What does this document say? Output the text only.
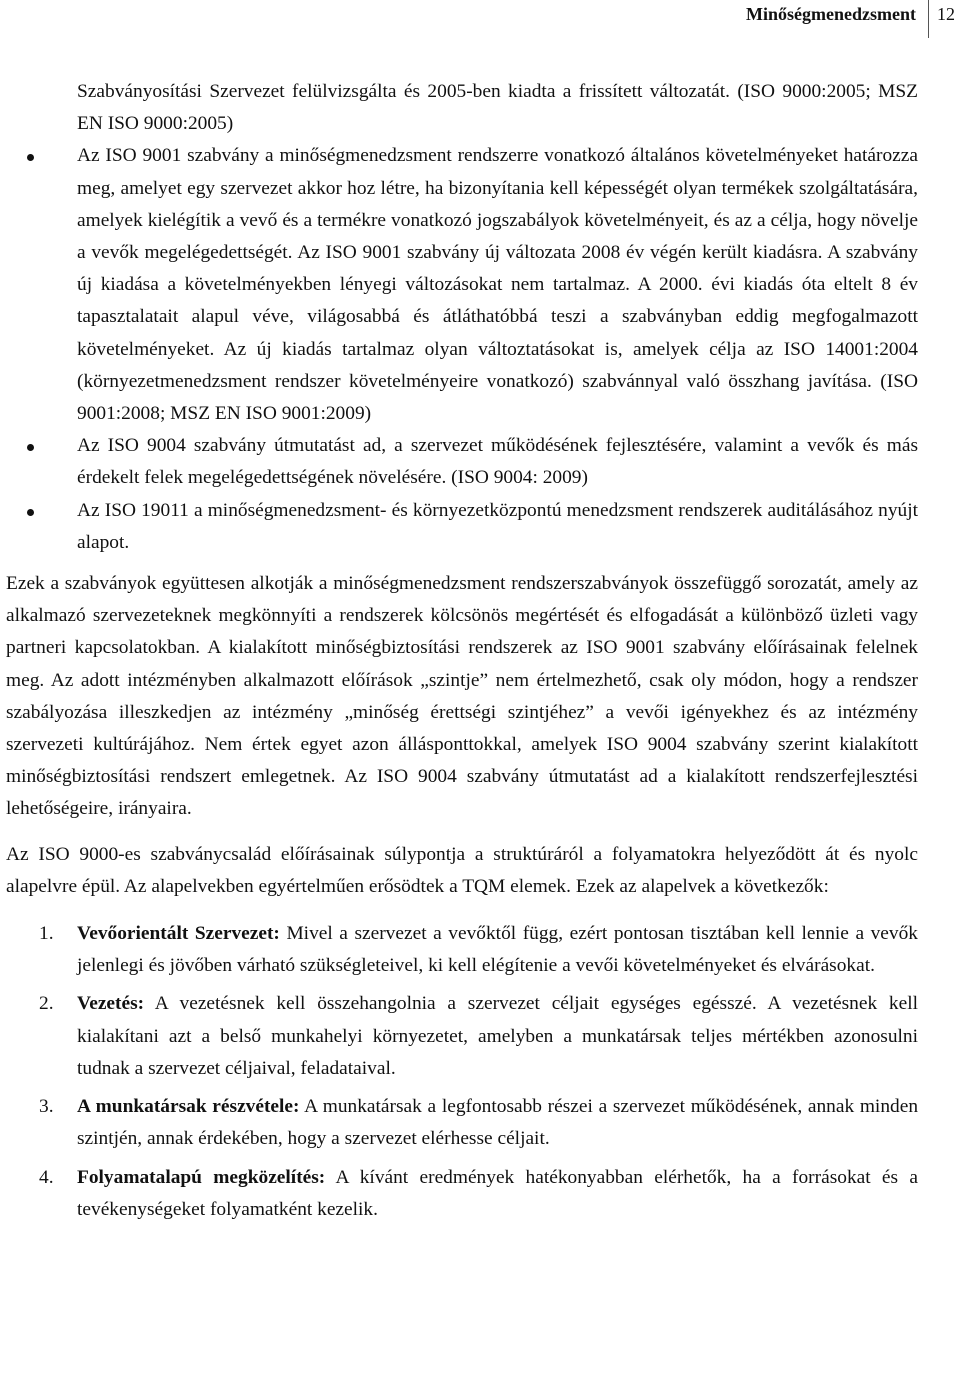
Minőségmenedzsment 12
Szabványosítási Szervezet felülvizsgálta és 2005-ben kiadta a frissített változatát. (ISO 9000:2005; MSZ EN ISO 9000:2005)
Az ISO 9001 szabvány a minőségmenedzsment rendszerre vonatkozó általános követelményeket határozza meg, amelyet egy szervezet akkor hoz létre, ha bizonyítania kell képességét olyan termékek szolgáltatására, amelyek kielégítik a vevő és a termékre vonatkozó jogszabályok követelményeit, és az a célja, hogy növelje a vevők megelégedettségét. Az ISO 9001 szabvány új változata 2008 év végén került kiadásra. A szabvány új kiadása a követelményekben lényegi változásokat nem tartalmaz. A 2000. évi kiadás óta eltelt 8 év tapasztalatait alapul véve, világosabbá és átláthatóbbá teszi a szabványban eddig megfogalmazott követelményeket. Az új kiadás tartalmaz olyan változtatásokat is, amelyek célja az ISO 14001:2004 (környezetmenedzsment rendszer követelményeire vonatkozó) szabvánnyal való összhang javítása. (ISO 9001:2008; MSZ EN ISO 9001:2009)
Az ISO 9004 szabvány útmutatást ad, a szervezet működésének fejlesztésére, valamint a vevők és más érdekelt felek megelégedettségének növelésére. (ISO 9004: 2009)
Az ISO 19011 a minőségmenedzsment- és környezetközpontú menedzsment rendszerek auditálásához nyújt alapot.

Ezek a szabványok együttesen alkotják a minőségmenedzsment rendszerszabványok összefüggő sorozatát, amely az alkalmazó szervezeteknek megkönnyíti a rendszerek kölcsönös megértését és elfogadását a különböző üzleti vagy partneri kapcsolatokban. A kialakított minőségbiztosítási rendszerek az ISO 9001 szabvány előírásainak felelnek meg. Az adott intézményben alkalmazott előírások „szintje” nem értelmezhető, csak oly módon, hogy a rendszer szabályozása illeszkedjen az intézmény „minőség érettségi szintjéhez” a vevői igényekhez és az intézmény szervezeti kultúrájához. Nem értek egyet azon állásponttokkal, amelyek ISO 9004 szabvány szerint kialakított minőségbiztosítási rendszert emlegetnek. Az ISO 9004 szabvány útmutatást ad a kialakított rendszerfejlesztési lehetőségeire, irányaira.

Az ISO 9000-es szabványcsalád előírásainak súlypontja a struktúráról a folyamatokra helyeződött át és nyolc alapelvre épül. Az alapelvekben egyértelműen erősödtek a TQM elemek. Ezek az alapelvek a következők:

1. Vevőorientált Szervezet: Mivel a szervezet a vevőktől függ, ezért pontosan tisztában kell lennie a vevők jelenlegi és jövőben várható szükségleteivel, ki kell elégítenie a vevői követelményeket és elvárásokat.
2. Vezetés: A vezetésnek kell összehangolnia a szervezet céljait egységes egésszé. A vezetésnek kell kialakítani azt a belső munkahelyi környezetet, amelyben a munkatársak teljes mértékben azonosulni tudnak a szervezet céljaival, feladataival.
3. A munkatársak részvétele: A munkatársak a legfontosabb részei a szervezet működésének, annak minden szintjén, annak érdekében, hogy a szervezet elérhesse céljait.
4. Folyamatalapú megközelítés: A kívánt eredmények hatékonyabban elérhetők, ha a forrásokat és a tevékenységeket folyamatként kezelik.
